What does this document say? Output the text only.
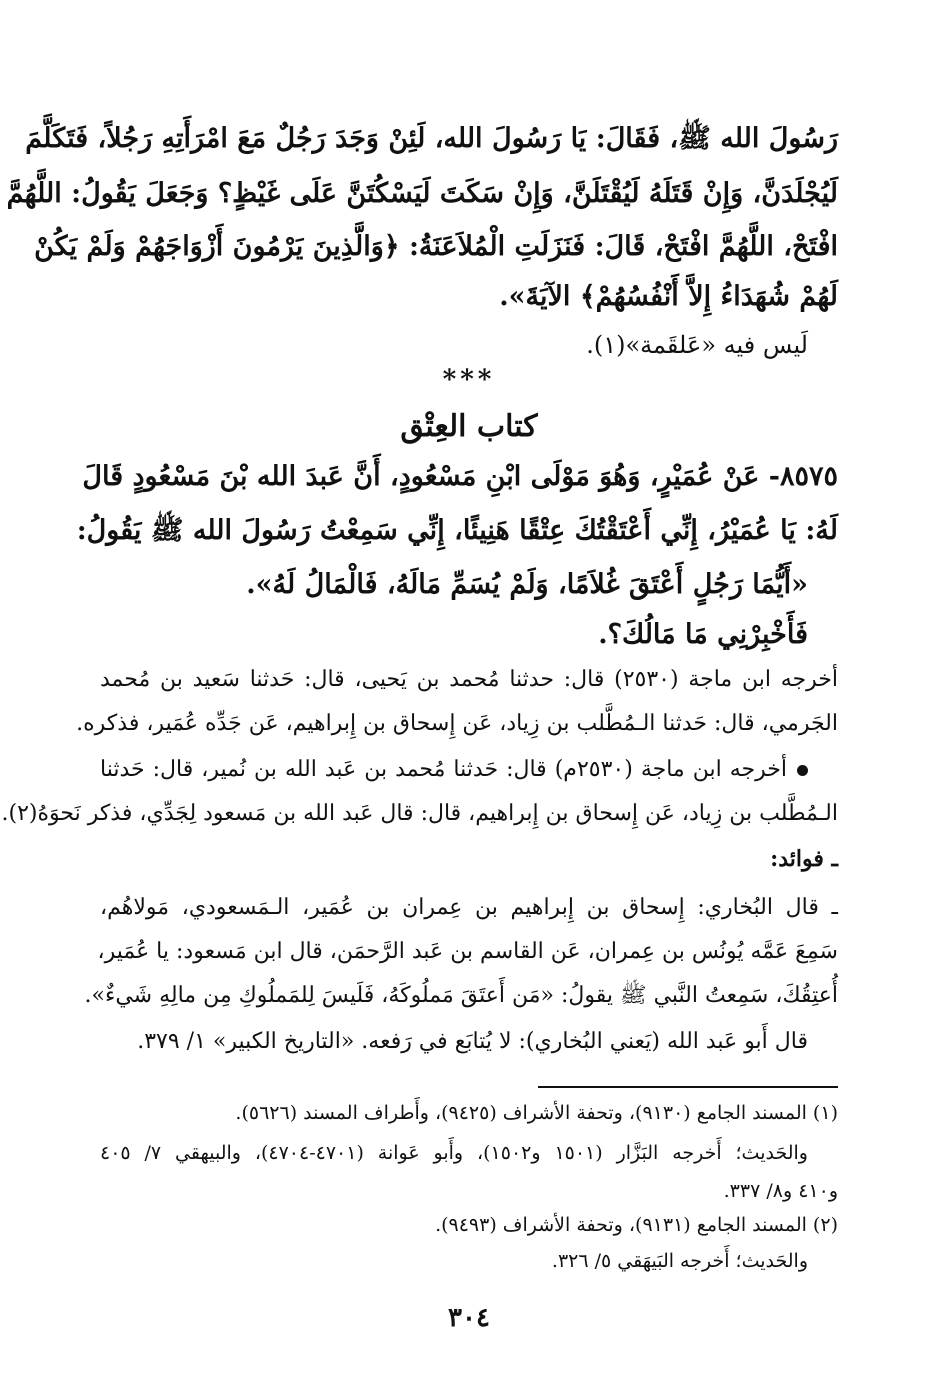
رَسُولَ الله ﷺ، فَقَالَ: يَا رَسُولَ الله، لَئِنْ وَجَدَ رَجُلٌ مَعَ امْرَأَتِهِ رَجُلاً، فَتَكَلَّمَ

لَيُجْلَدَنَّ، وَإِنْ قَتَلَهُ لَيُقْتَلَنَّ، وَإِنْ سَكَتَ لَيَسْكُتَنَّ عَلَى غَيْظٍ؟ وَجَعَلَ يَقُولُ: اللَّهُمَّ

افْتَحْ، اللَّهُمَّ افْتَحْ، قَالَ: فَنَزَلَتِ الْمُلاَعَنَةُ: ﴿وَالَّذِينَ يَرْمُونَ أَزْوَاجَهُمْ وَلَمْ يَكُنْ

لَهُمْ شُهَدَاءُ إِلاَّ أَنْفُسُهُمْ﴾ الآيَةَ».

لَيس فيه «عَلقَمة»(١).

***

كتاب العِتْق

٨٥٧٥- عَنْ عُمَيْرٍ، وَهُوَ مَوْلَى ابْنِ مَسْعُودٍ، أَنَّ عَبدَ الله بْنَ مَسْعُودٍ قَالَ

لَهُ: يَا عُمَيْرُ، إِنِّي أَعْتَقْتُكَ عِتْقًا هَنِيئًا، إِنِّي سَمِعْتُ رَسُولَ الله ﷺ يَقُولُ:

«أَيُّمَا رَجُلٍ أَعْتَقَ غُلاَمًا، وَلَمْ يُسَمِّ مَالَهُ، فَالْمَالُ لَهُ».

فَأَخْبِرْنِي مَا مَالُكَ؟.

أخرجه ابن ماجة (٢٥٣٠) قال: حدثنا مُحمد بن يَحيى، قال: حَدثنا سَعيد بن مُحمد

الجَرمي، قال: حَدثنا الـمُطَّلب بن زِياد، عَن إِسحاق بن إِبراهيم، عَن جَدِّه عُمَير، فذكره.

أخرجه ابن ماجة (٢٥٣٠م) قال: حَدثنا مُحمد بن عَبد الله بن نُمير، قال: حَدثنا

الـمُطَّلب بن زِياد، عَن إِسحاق بن إِبراهيم، قال: قال عَبد الله بن مَسعود لِجَدِّي، فذكر نَحوَهُ(٢).

ـ فوائد:

ـ قال البُخاري: إِسحاق بن إِبراهيم بن عِمران بن عُمَير، الـمَسعودي، مَولاهُم،

سَمِعَ عَمَّه يُونُس بن عِمران، عَن القاسم بن عَبد الرَّحمَن، قال ابن مَسعود: يا عُمَير،

أُعتِقُكَ، سَمِعتُ النَّبي ﷺ يقولُ: «مَن أَعتَقَ مَملُوكَهُ، فَلَيسَ لِلمَملُوكِ مِن مالِهِ شَيءٌ».

قال أَبو عَبد الله (يَعني البُخاري): لا يُتابَع في رَفعه. «التاريخ الكبير» ١/ ٣٧٩.

(١) المسند الجامع (٩١٣٠)، وتحفة الأشراف (٩٤٢٥)، وأَطراف المسند (٥٦٢٦).

والحَديث؛ أَخرجه البَزَّار (١٥٠١ و١٥٠٢)، وأَبو عَوانة (٤٧٠١-٤٧٠٤)، والبيهقي ٧/ ٤٠٥

و٤١٠ و٨/ ٣٣٧.

(٢) المسند الجامع (٩١٣١)، وتحفة الأشراف (٩٤٩٣).

والحَديث؛ أَخرجه البَيهَقي ٥/ ٣٢٦.

٣٠٤
